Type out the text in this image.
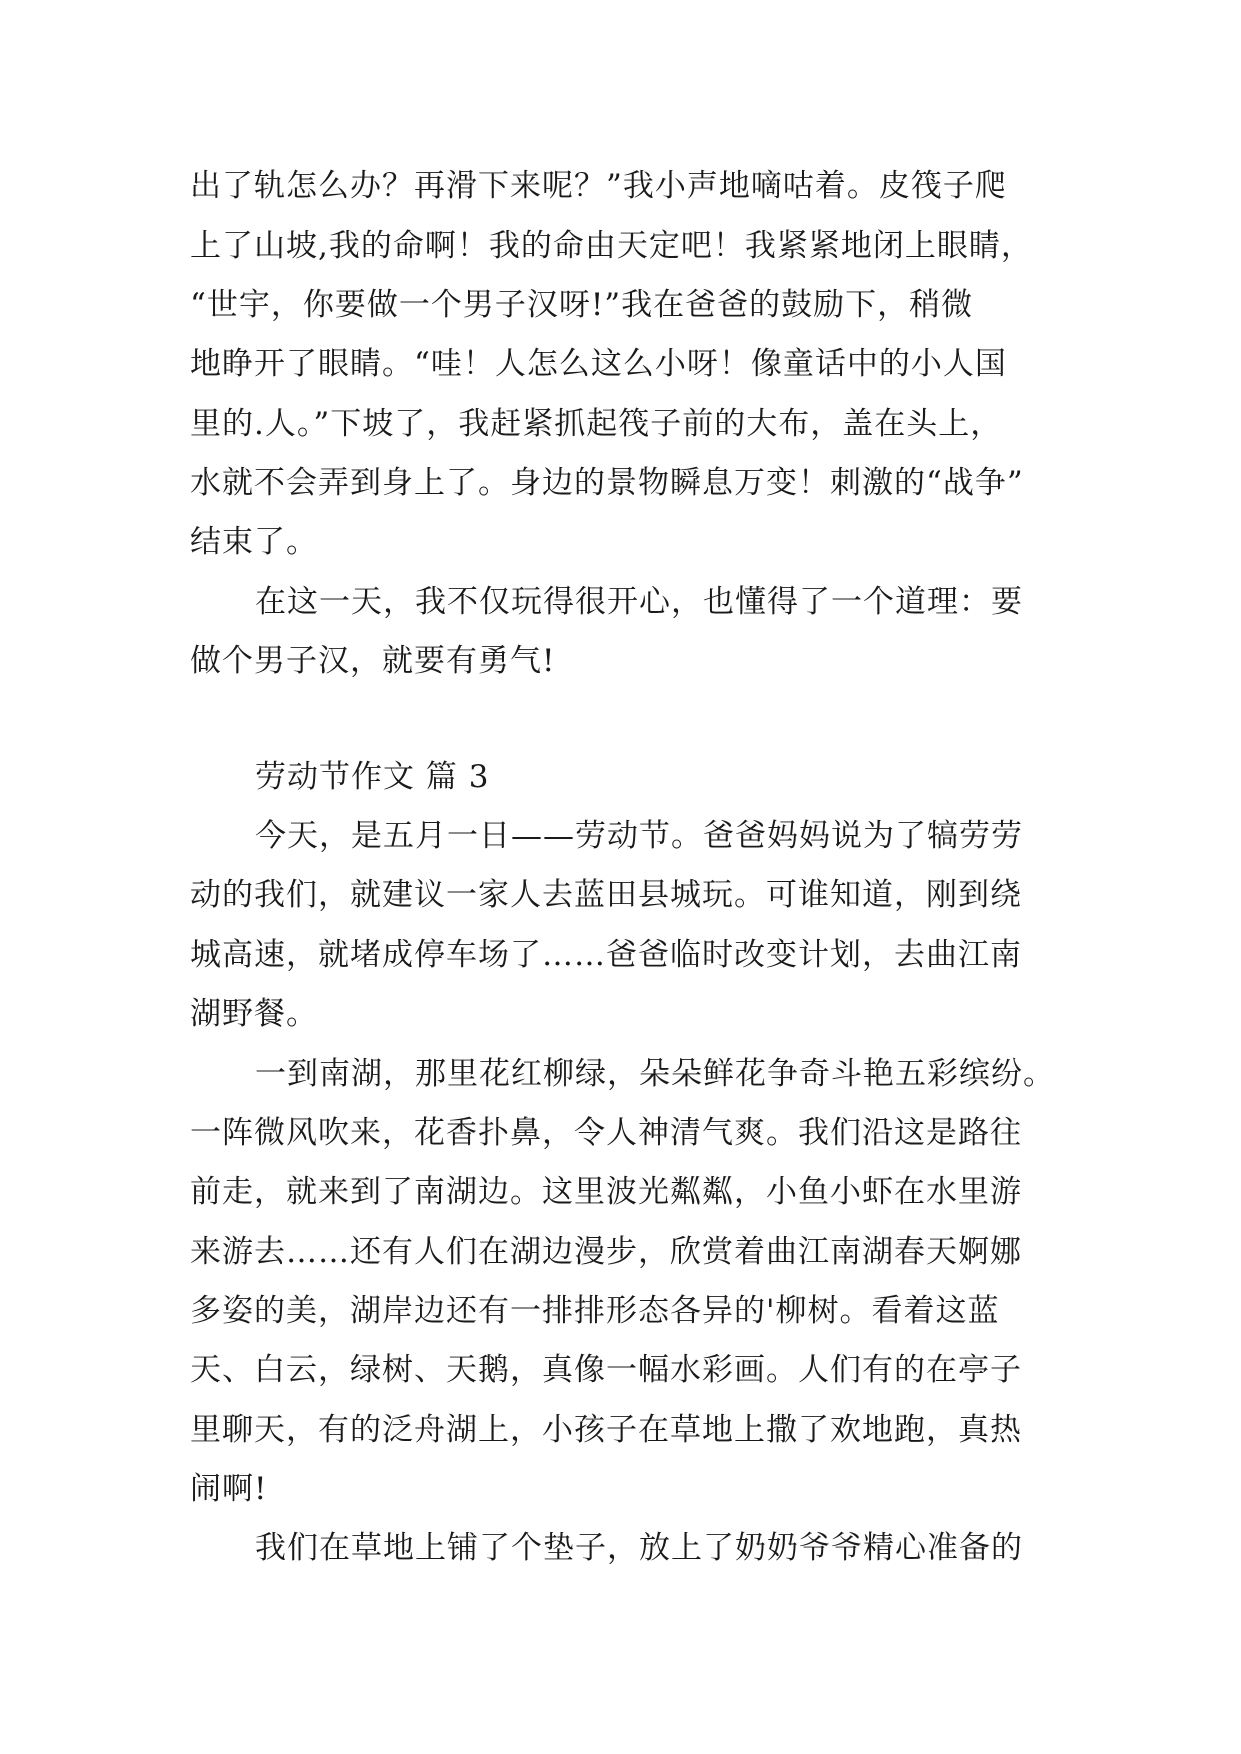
出了轨怎么办？再滑下来呢？”我小声地嘀咕着。皮筏子爬
上了山坡,我的命啊！我的命由天定吧！我紧紧地闭上眼睛，
“世宇，你要做一个男子汉呀!”我在爸爸的鼓励下，稍微
地睁开了眼睛。“哇！人怎么这么小呀！像童话中的小人国
里的.人。”下坡了，我赶紧抓起筏子前的大布，盖在头上，
水就不会弄到身上了。身边的景物瞬息万变！刺激的“战争”
结束了。
在这一天，我不仅玩得很开心，也懂得了一个道理：要
做个男子汉，就要有勇气!
劳动节作文 篇 3
今天，是五月一日——劳动节。爸爸妈妈说为了犒劳劳
动的我们，就建议一家人去蓝田县城玩。可谁知道，刚到绕
城高速，就堵成停车场了……爸爸临时改变计划，去曲江南
湖野餐。
一到南湖，那里花红柳绿，朵朵鲜花争奇斗艳五彩缤纷。
一阵微风吹来，花香扑鼻，令人神清气爽。我们沿这是路往
前走，就来到了南湖边。这里波光粼粼，小鱼小虾在水里游
来游去……还有人们在湖边漫步，欣赏着曲江南湖春天婀娜
多姿的美，湖岸边还有一排排形态各异的'柳树。看着这蓝
天、白云，绿树、天鹅，真像一幅水彩画。人们有的在亭子
里聊天，有的泛舟湖上，小孩子在草地上撒了欢地跑，真热
闹啊!
我们在草地上铺了个垫子，放上了奶奶爷爷精心准备的
